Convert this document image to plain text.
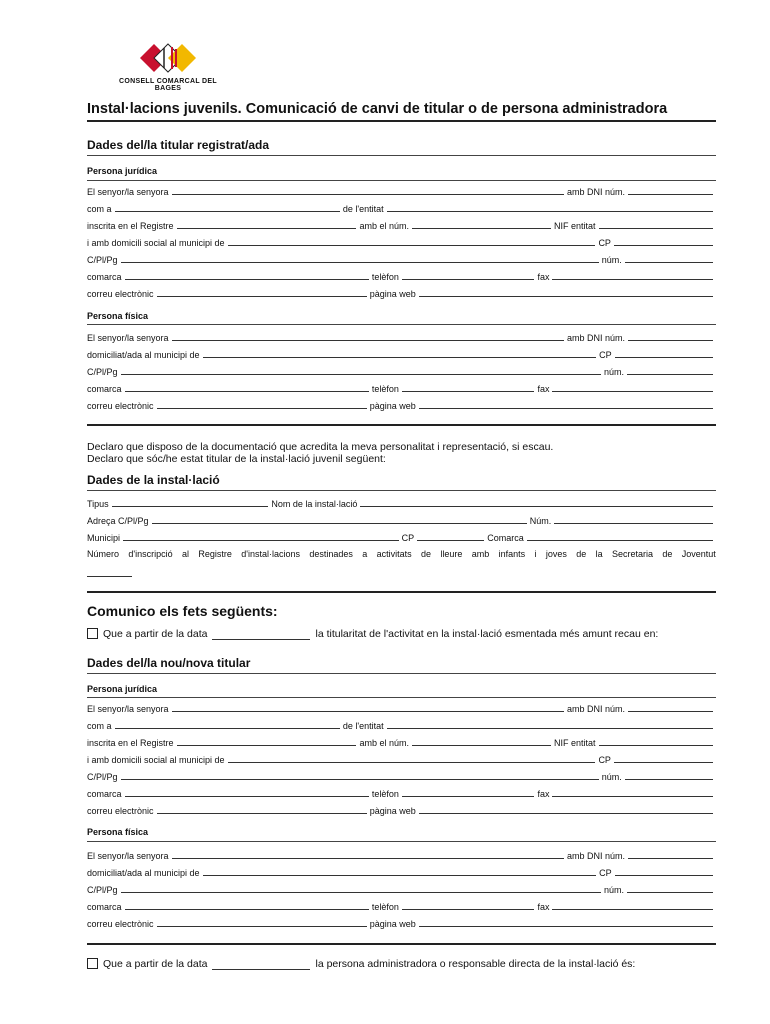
CONSELL COMARCAL DEL BAGES
Instal·lacions juvenils. Comunicació de canvi de titular o de persona administradora
Dades del/la titular registrat/ada
Persona jurídica
El senyor/la senyora	amb DNI núm.
com a	de l'entitat
inscrita en el Registre	amb el núm.	NIF entitat
i amb domicili social al municipi de	CP
C/Pl/Pg	núm.
comarca	telèfon	fax
correu electrònic	pàgina web
Persona física
El senyor/la senyora	amb DNI núm.
domiciliat/ada al municipi de	CP
C/Pl/Pg	núm.
comarca	telèfon	fax
correu electrònic	pàgina web
Declaro que disposo de la documentació que acredita la meva personalitat i representació, si escau.
Declaro que sóc/he estat titular de la instal·lació juvenil següent:
Dades de la instal·lació
Tipus	Nom de la instal·lació
Adreça C/Pl/Pg	Núm.
Municipi	CP	Comarca
Número d'inscripció al Registre d'instal·lacions destinades a activitats de lleure amb infants i joves de la Secretaria de Joventut
Comunico els fets següents:
Que a partir de la data	la titularitat de l'activitat en la instal·lació esmentada més amunt recau en:
Dades del/la nou/nova titular
Persona jurídica
El senyor/la senyora	amb DNI núm.
com a	de l'entitat
inscrita en el Registre	amb el núm.	NIF entitat
i amb domicili social al municipi de	CP
C/Pl/Pg	núm.
comarca	telèfon	fax
correu electrònic	pàgina web
Persona física
El senyor/la senyora	amb DNI núm.
domiciliat/ada al municipi de	CP
C/Pl/Pg	núm.
comarca	telèfon	fax
correu electrònic	pàgina web
Que a partir de la data	la persona administradora o responsable directa de la instal·lació és:
